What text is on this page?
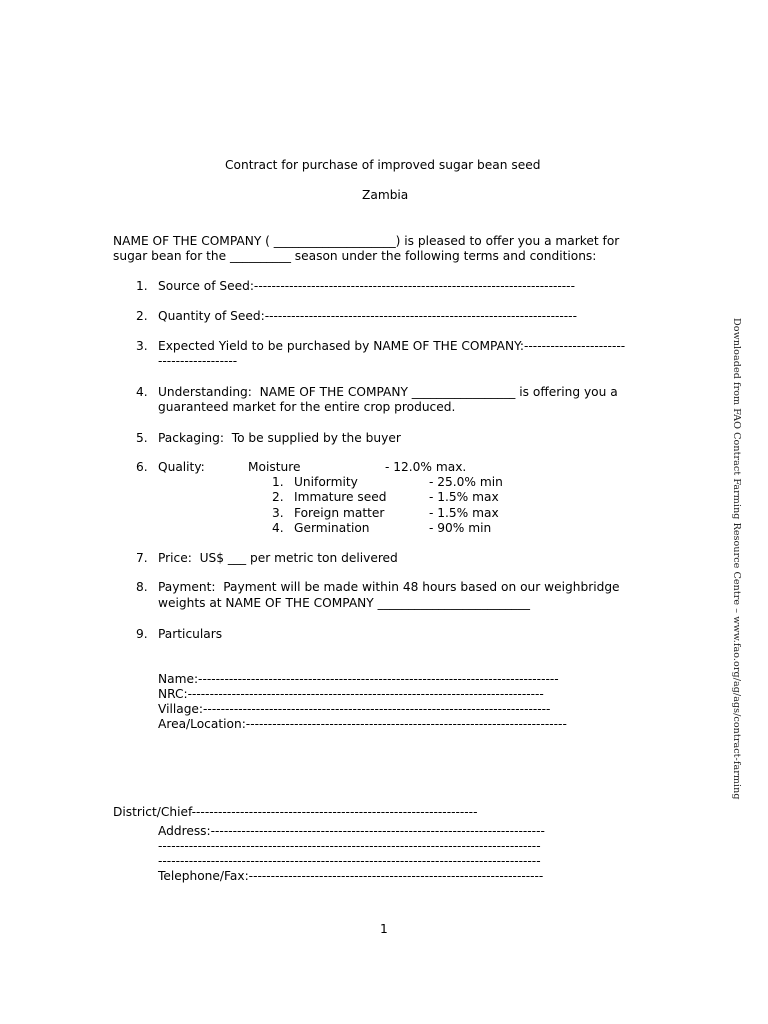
Contract for purchase of improved sugar bean seed
Zambia
NAME OF THE COMPANY ( ____________________) is pleased to offer you a market for
sugar bean for the __________ season under the following terms and conditions:
1. Source of Seed:-------------------------------------------------------------------------
2. Quantity of Seed:-----------------------------------------------------------------------
3. Expected Yield to be purchased by NAME OF THE COMPANY:-----------------------
------------------
4. Understanding:  NAME OF THE COMPANY _________________ is offering you a
guaranteed market for the entire crop produced.
5. Packaging:  To be supplied by the buyer
6. Quality:	Moisture	- 12.0% max.
1. Uniformity	- 25.0% min
2. Immature seed	- 1.5% max
3. Foreign matter	- 1.5% max
4. Germination	- 90% min
7. Price:  US$ ___ per metric ton delivered
8. Payment:  Payment will be made within 48 hours based on our weighbridge
weights at NAME OF THE COMPANY _________________________
9. Particulars
Name:----------------------------------------------------------------------------------
NRC:---------------------------------------------------------------------------------
Village:-------------------------------------------------------------------------------
Area/Location:-------------------------------------------------------------------------
District/Chief-----------------------------------------------------------------
Address:----------------------------------------------------------------------------
---------------------------------------------------------------------------------------
---------------------------------------------------------------------------------------
Telephone/Fax:-------------------------------------------------------------------
1
Downloaded from FAO Contract Farming Resource Centre – www.fao.org/ag/ags/contract-farming
